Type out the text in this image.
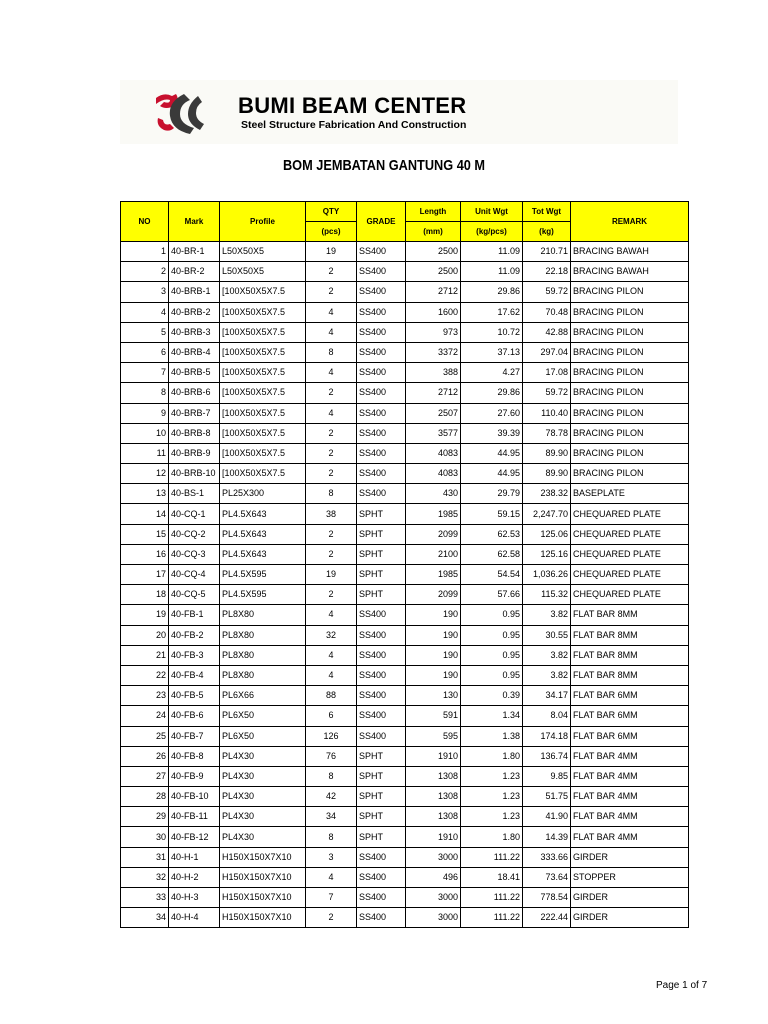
BUMI BEAM CENTER
Steel Structure Fabrication And Construction
BOM JEMBATAN GANTUNG 40 M
NO	Mark	Profile	QTY	GRADE	Length	Unit Wgt	Tot Wgt	REMARK
			(pcs)		(mm)	(kg/pcs)	(kg)	
1	40-BR-1	L50X50X5	19	SS400	2500	11.09	210.71	BRACING BAWAH
2	40-BR-2	L50X50X5	2	SS400	2500	11.09	22.18	BRACING BAWAH
3	40-BRB-1	[100X50X5X7.5	2	SS400	2712	29.86	59.72	BRACING PILON
4	40-BRB-2	[100X50X5X7.5	4	SS400	1600	17.62	70.48	BRACING PILON
5	40-BRB-3	[100X50X5X7.5	4	SS400	973	10.72	42.88	BRACING PILON
6	40-BRB-4	[100X50X5X7.5	8	SS400	3372	37.13	297.04	BRACING PILON
7	40-BRB-5	[100X50X5X7.5	4	SS400	388	4.27	17.08	BRACING PILON
8	40-BRB-6	[100X50X5X7.5	2	SS400	2712	29.86	59.72	BRACING PILON
9	40-BRB-7	[100X50X5X7.5	4	SS400	2507	27.60	110.40	BRACING PILON
10	40-BRB-8	[100X50X5X7.5	2	SS400	3577	39.39	78.78	BRACING PILON
11	40-BRB-9	[100X50X5X7.5	2	SS400	4083	44.95	89.90	BRACING PILON
12	40-BRB-10	[100X50X5X7.5	2	SS400	4083	44.95	89.90	BRACING PILON
13	40-BS-1	PL25X300	8	SS400	430	29.79	238.32	BASEPLATE
14	40-CQ-1	PL4.5X643	38	SPHT	1985	59.15	2,247.70	CHEQUARED PLATE
15	40-CQ-2	PL4.5X643	2	SPHT	2099	62.53	125.06	CHEQUARED PLATE
16	40-CQ-3	PL4.5X643	2	SPHT	2100	62.58	125.16	CHEQUARED PLATE
17	40-CQ-4	PL4.5X595	19	SPHT	1985	54.54	1,036.26	CHEQUARED PLATE
18	40-CQ-5	PL4.5X595	2	SPHT	2099	57.66	115.32	CHEQUARED PLATE
19	40-FB-1	PL8X80	4	SS400	190	0.95	3.82	FLAT BAR 8MM
20	40-FB-2	PL8X80	32	SS400	190	0.95	30.55	FLAT BAR 8MM
21	40-FB-3	PL8X80	4	SS400	190	0.95	3.82	FLAT BAR 8MM
22	40-FB-4	PL8X80	4	SS400	190	0.95	3.82	FLAT BAR 8MM
23	40-FB-5	PL6X66	88	SS400	130	0.39	34.17	FLAT BAR 6MM
24	40-FB-6	PL6X50	6	SS400	591	1.34	8.04	FLAT BAR 6MM
25	40-FB-7	PL6X50	126	SS400	595	1.38	174.18	FLAT BAR 6MM
26	40-FB-8	PL4X30	76	SPHT	1910	1.80	136.74	FLAT BAR 4MM
27	40-FB-9	PL4X30	8	SPHT	1308	1.23	9.85	FLAT BAR 4MM
28	40-FB-10	PL4X30	42	SPHT	1308	1.23	51.75	FLAT BAR 4MM
29	40-FB-11	PL4X30	34	SPHT	1308	1.23	41.90	FLAT BAR 4MM
30	40-FB-12	PL4X30	8	SPHT	1910	1.80	14.39	FLAT BAR 4MM
31	40-H-1	H150X150X7X10	3	SS400	3000	111.22	333.66	GIRDER
32	40-H-2	H150X150X7X10	4	SS400	496	18.41	73.64	STOPPER
33	40-H-3	H150X150X7X10	7	SS400	3000	111.22	778.54	GIRDER
34	40-H-4	H150X150X7X10	2	SS400	3000	111.22	222.44	GIRDER
Page 1 of 7
